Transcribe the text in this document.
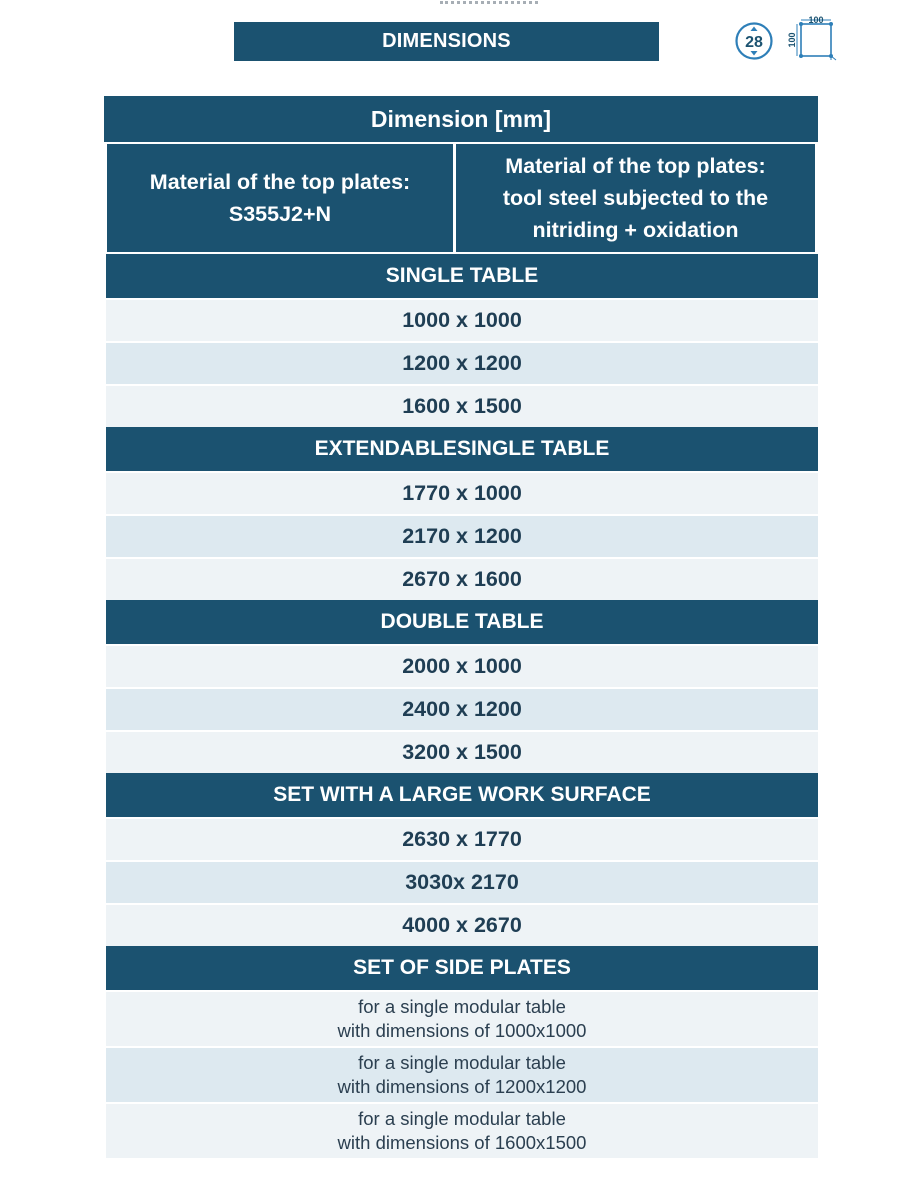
DIMENSIONS	28
100
100
Dimension [mm]
Material of the top plates:
S355J2+N
Material of the top plates:
tool steel subjected to the
nitriding + oxidation
SINGLE TABLE
1000 x 1000
1200 x 1200
1600 x 1500
EXTENDABLESINGLE TABLE
1770 x 1000
2170 x 1200
2670 x 1600
DOUBLE TABLE
2000 x 1000
2400 x 1200
3200 x 1500
SET WITH A LARGE WORK SURFACE
2630 x 1770
3030x 2170
4000 x 2670
SET OF SIDE PLATES
for a single modular table
with dimensions of 1000x1000
for a single modular table
with dimensions of 1200x1200
for a single modular table
with dimensions of 1600x1500
